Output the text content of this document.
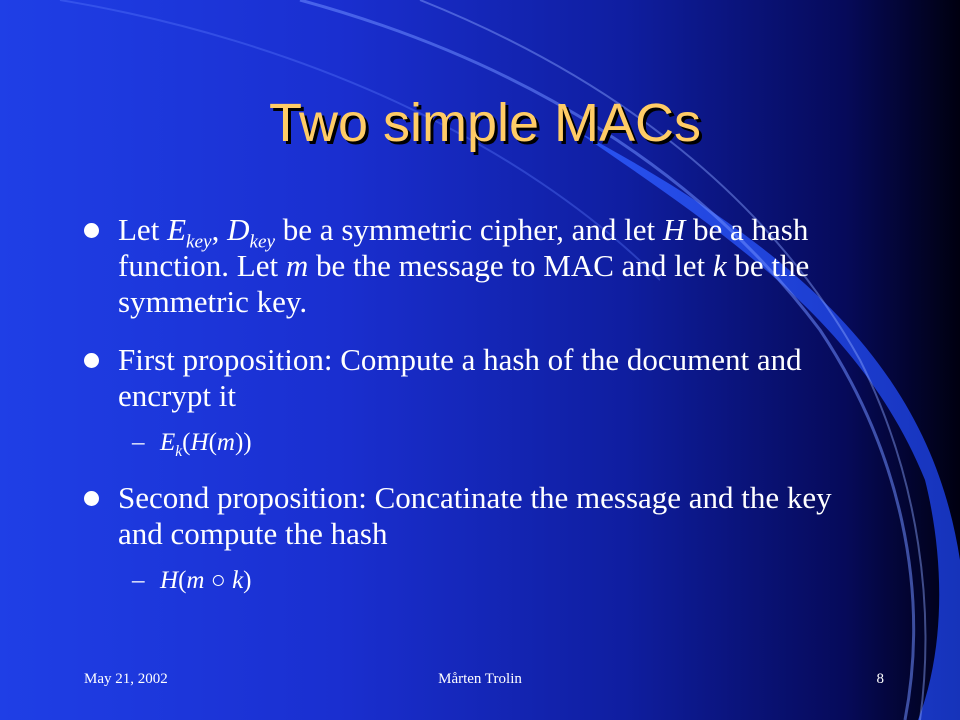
Two simple MACs
Let $E_{key}$, $D_{key}$ be a symmetric cipher, and let H be a hash function. Let m be the message to MAC and let k be the symmetric key.
First proposition: Compute a hash of the document and encrypt it
– $E_k(H(m))$
Second proposition: Concatinate the message and the key and compute the hash
– H(m ○ k)
May 21, 2002	Mårten Trolin	8
